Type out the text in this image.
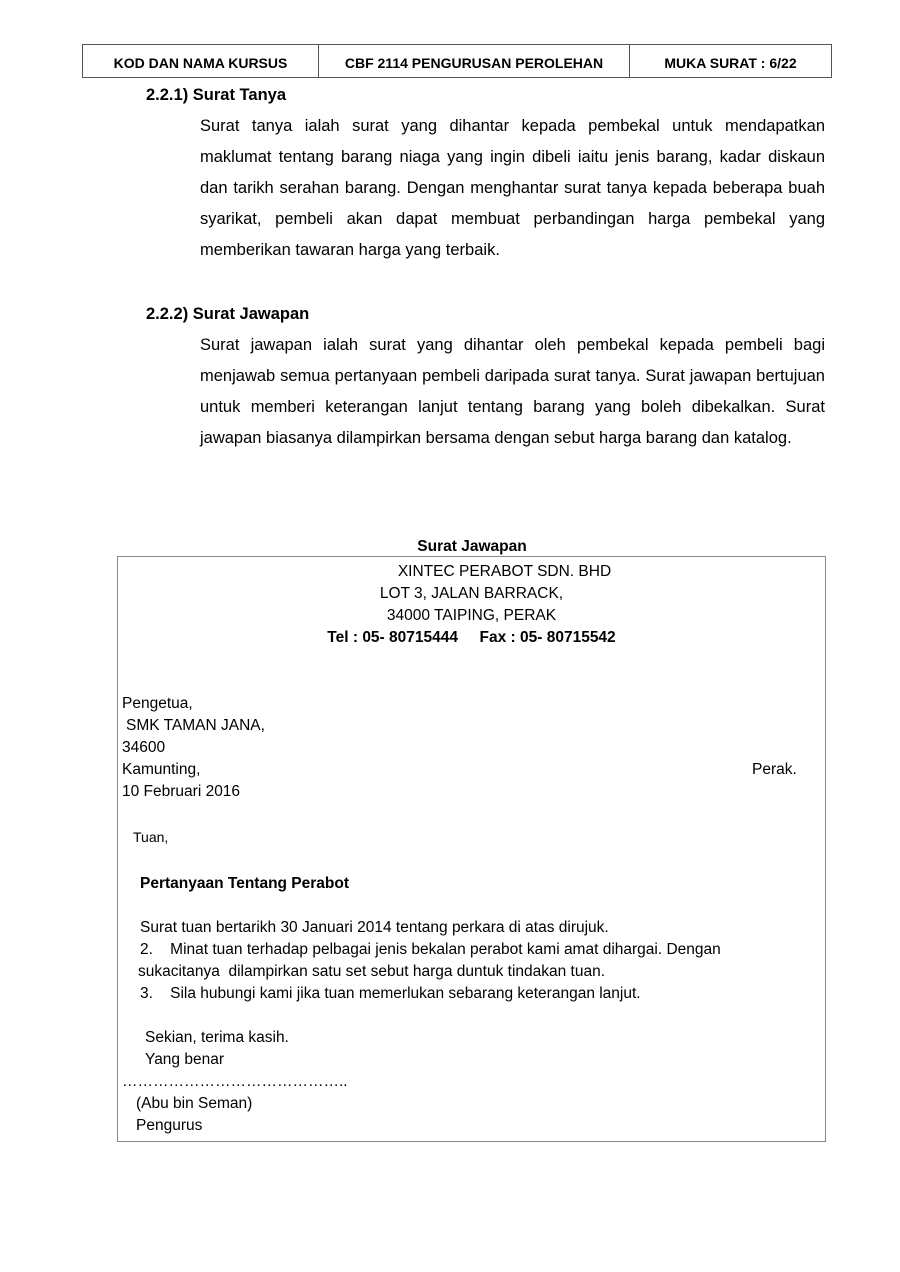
KOD DAN NAMA KURSUS	CBF 2114 PENGURUSAN PEROLEHAN	MUKA SURAT : 6/22
2.2.1) Surat Tanya
Surat tanya ialah surat yang dihantar kepada pembekal untuk mendapatkan maklumat tentang barang niaga yang ingin dibeli iaitu jenis barang, kadar diskaun dan tarikh serahan barang. Dengan menghantar surat tanya kepada beberapa buah syarikat, pembeli akan dapat membuat perbandingan harga pembekal yang memberikan tawaran harga yang terbaik.
2.2.2) Surat Jawapan
Surat jawapan ialah surat yang dihantar oleh pembekal kepada pembeli bagi menjawab semua pertanyaan pembeli daripada surat tanya. Surat jawapan bertujuan untuk memberi keterangan lanjut tentang barang yang boleh dibekalkan. Surat jawapan biasanya dilampirkan bersama dengan sebut harga barang dan katalog.
Surat Jawapan
XINTEC PERABOT SDN. BHD
LOT 3, JALAN BARRACK,
34000 TAIPING, PERAK
Tel : 05- 80715444     Fax : 05- 80715542
Pengetua,
SMK TAMAN JANA,
34600
Kamunting,	Perak.
10 Februari 2016
Tuan,
Pertanyaan Tentang Perabot
Surat tuan bertarikh 30 Januari 2014 tentang perkara di atas dirujuk.
2.    Minat tuan terhadap pelbagai jenis bekalan perabot kami amat dihargai. Dengan
sukacitanya  dilampirkan satu set sebut harga duntuk tindakan tuan.
3.    Sila hubungi kami jika tuan memerlukan sebarang keterangan lanjut.
Sekian, terima kasih.
Yang benar
……………………………………..
(Abu bin Seman)
Pengurus
